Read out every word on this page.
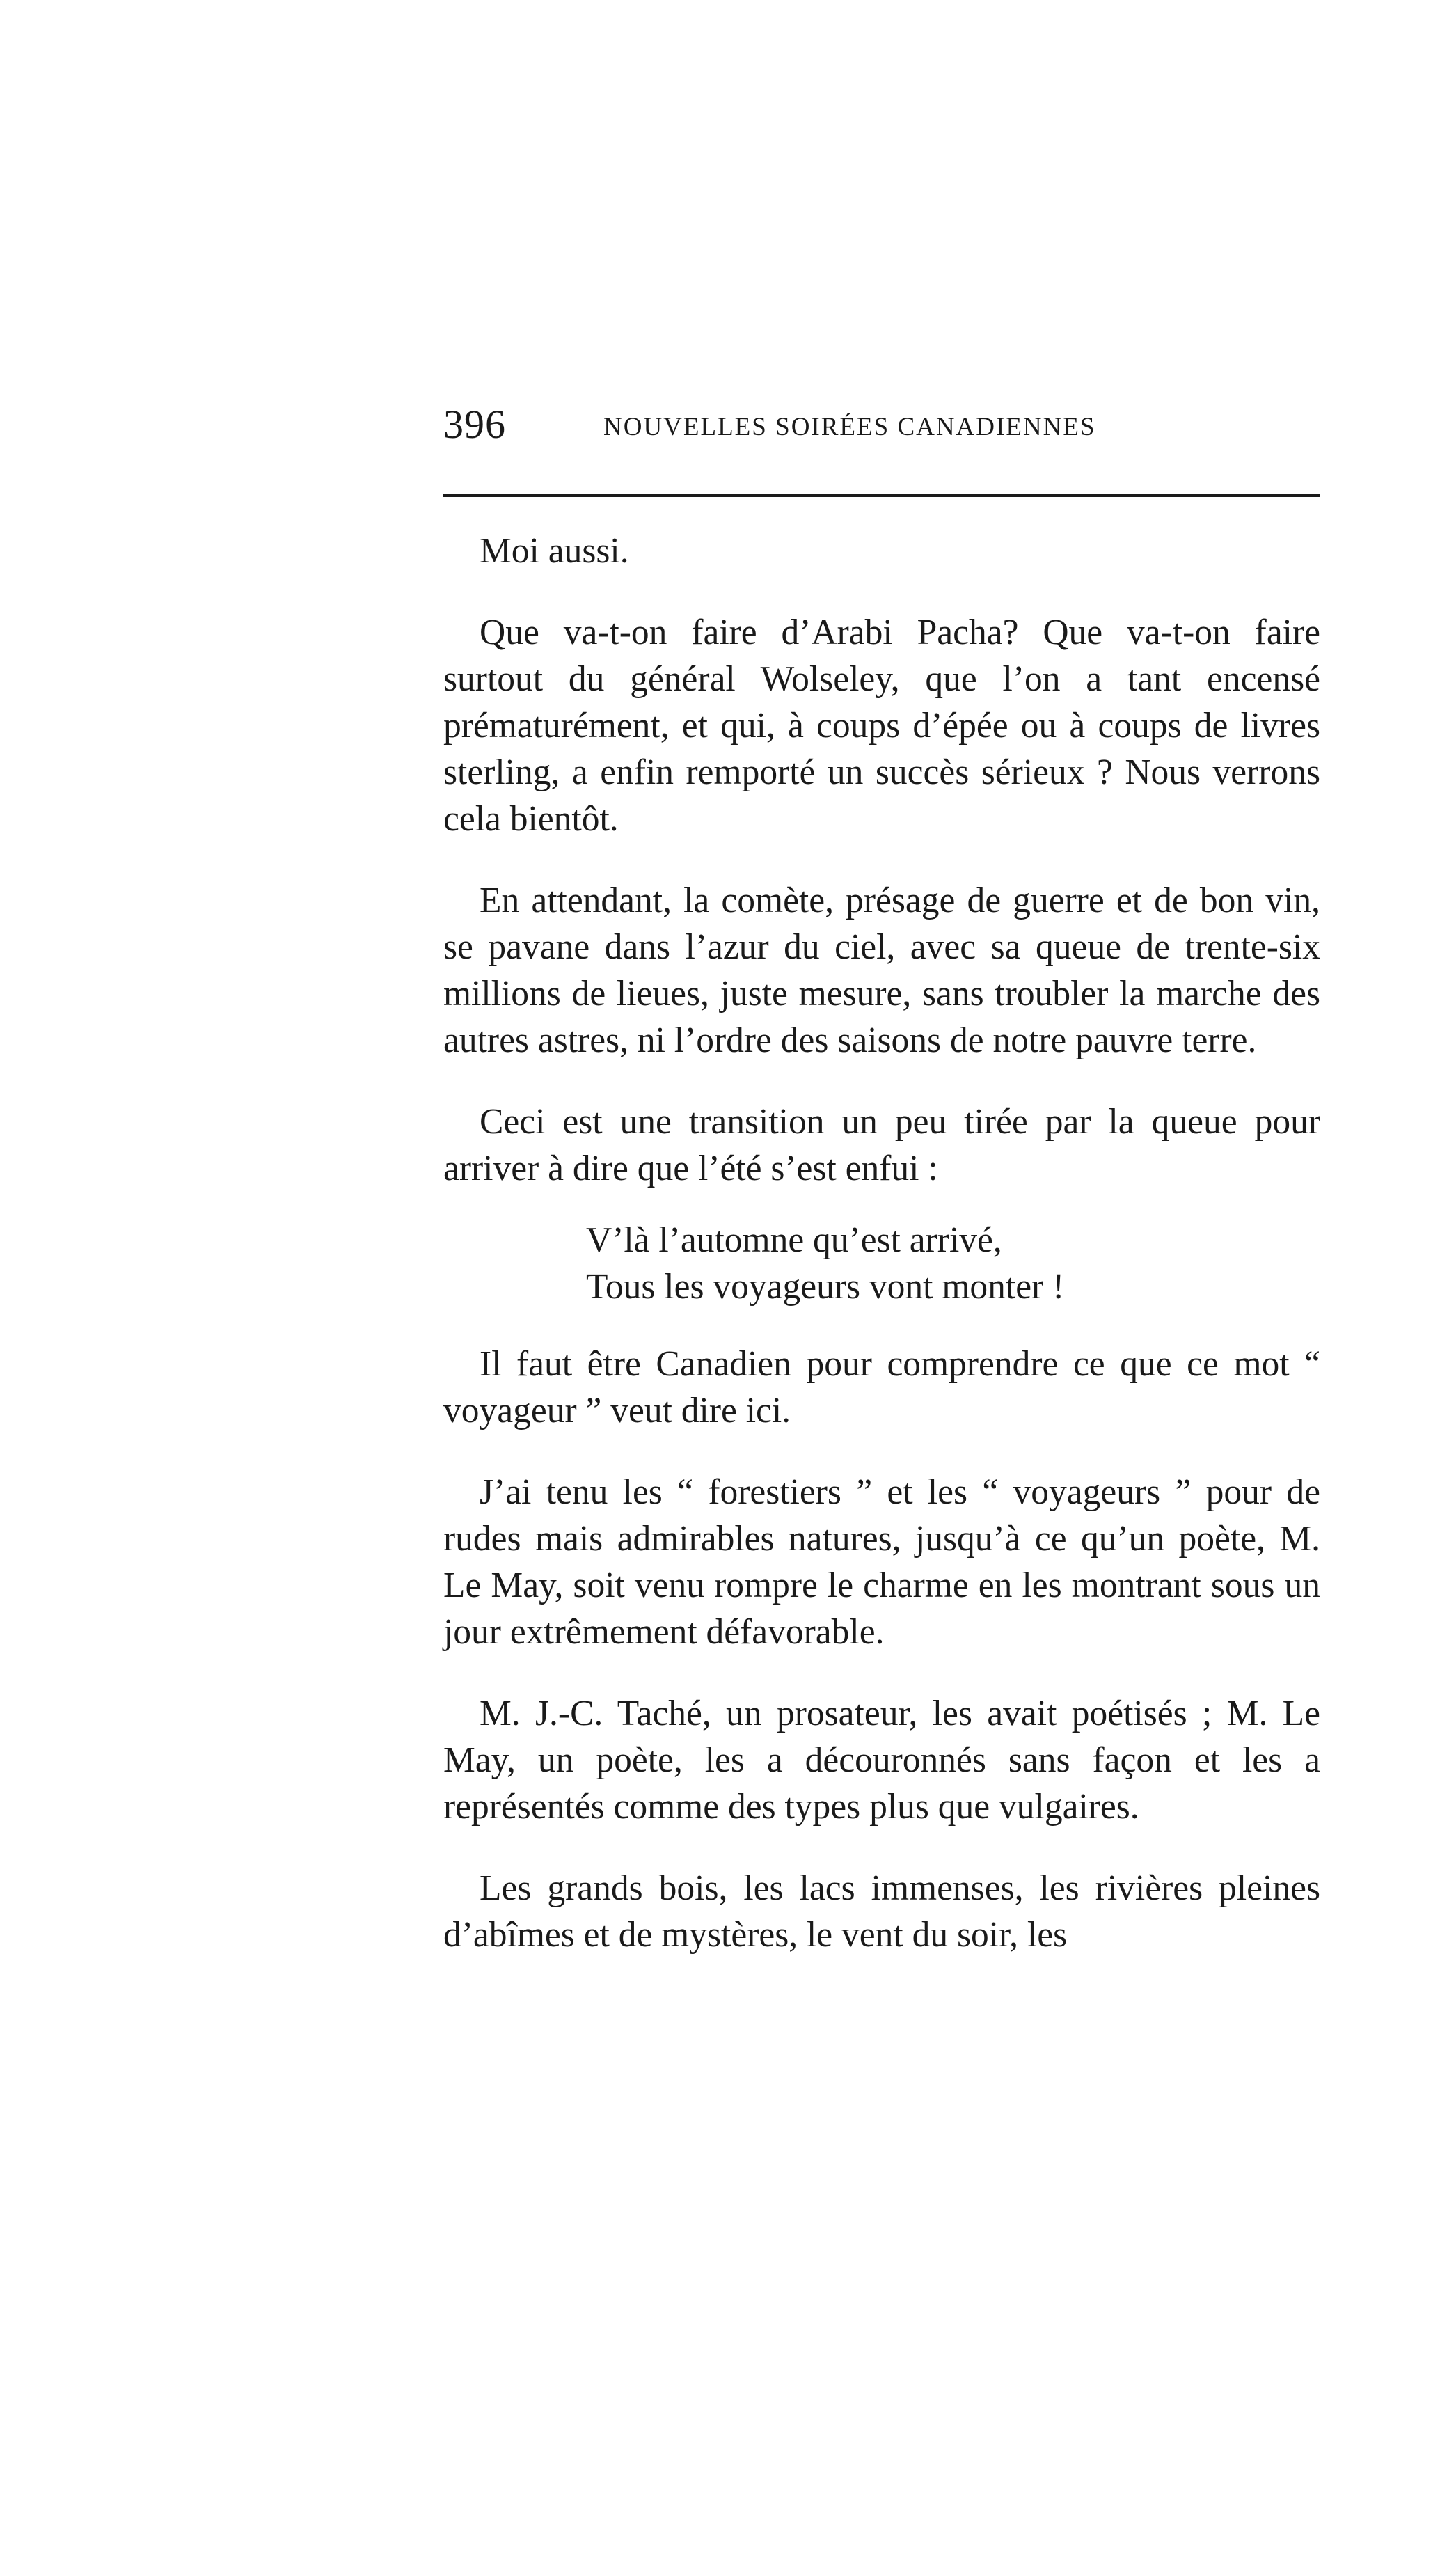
396	NOUVELLES SOIRÉES CANADIENNES

Moi aussi.

Que va-t-on faire d’Arabi Pacha? Que va-t-on faire surtout du général Wolseley, que l’on a tant encensé prématurément, et qui, à coups d’épée ou à coups de livres sterling, a enfin remporté un succès sérieux ? Nous verrons cela bientôt.

En attendant, la comète, présage de guerre et de bon vin, se pavane dans l’azur du ciel, avec sa queue de trente-six millions de lieues, juste mesure, sans troubler la marche des autres astres, ni l’ordre des saisons de notre pauvre terre.

Ceci est une transition un peu tirée par la queue pour arriver à dire que l’été s’est enfui :

V’là l’automne qu’est arrivé,
Tous les voyageurs vont monter !

Il faut être Canadien pour comprendre ce que ce mot “ voyageur ” veut dire ici.

J’ai tenu les “ forestiers ” et les “ voyageurs ” pour de rudes mais admirables natures, jusqu’à ce qu’un poète, M. Le May, soit venu rompre le charme en les montrant sous un jour extrêmement défavorable.

M. J.-C. Taché, un prosateur, les avait poétisés ; M. Le May, un poète, les a découronnés sans façon et les a représentés comme des types plus que vulgaires.

Les grands bois, les lacs immenses, les rivières pleines d’abîmes et de mystères, le vent du soir, les
